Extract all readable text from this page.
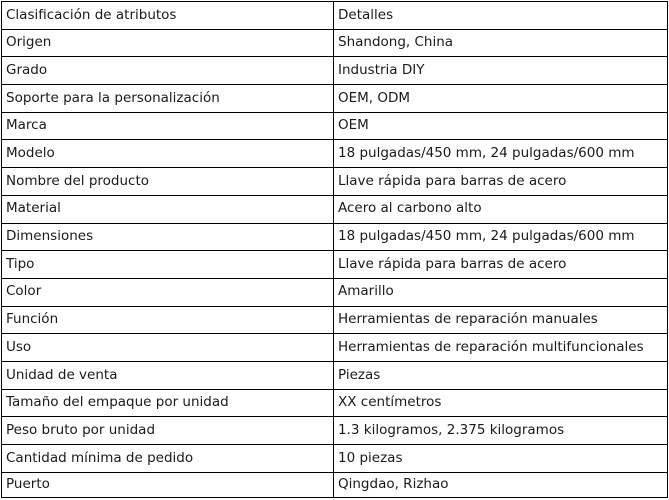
Clasificación de atributos	Detalles
Origen	Shandong, China
Grado	Industria DIY
Soporte para la personalización	OEM, ODM
Marca	OEM
Modelo	18 pulgadas/450 mm, 24 pulgadas/600 mm
Nombre del producto	Llave rápida para barras de acero
Material	Acero al carbono alto
Dimensiones	18 pulgadas/450 mm, 24 pulgadas/600 mm
Tipo	Llave rápida para barras de acero
Color	Amarillo
Función	Herramientas de reparación manuales
Uso	Herramientas de reparación multifuncionales
Unidad de venta	Piezas
Tamaño del empaque por unidad	XX centímetros
Peso bruto por unidad	1.3 kilogramos, 2.375 kilogramos
Cantidad mínima de pedido	10 piezas
Puerto	Qingdao, Rizhao
